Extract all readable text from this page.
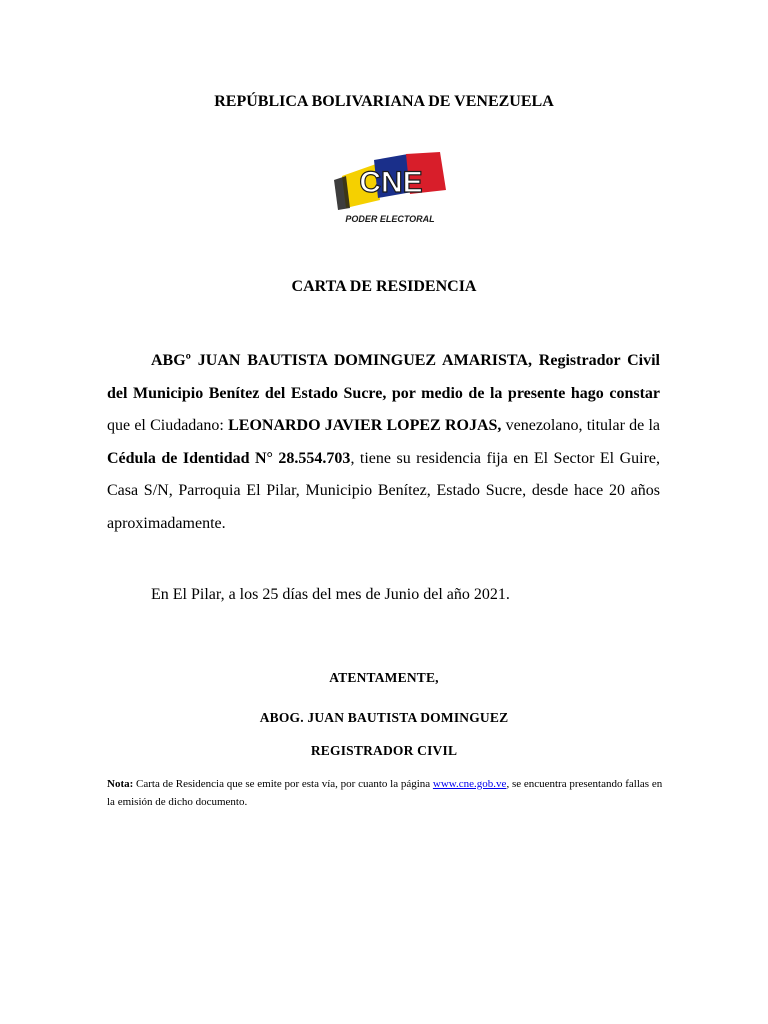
REPÚBLICA BOLIVARIANA DE VENEZUELA
CNE
PODER ELECTORAL
CARTA DE RESIDENCIA

ABGº JUAN BAUTISTA DOMINGUEZ AMARISTA, Registrador Civil del Municipio Benítez del Estado Sucre, por medio de la presente hago constar que el Ciudadano: LEONARDO JAVIER LOPEZ ROJAS, venezolano, titular de la Cédula de Identidad N° 28.554.703, tiene su residencia fija en El Sector El Guire, Casa S/N, Parroquia El Pilar, Municipio Benítez, Estado Sucre, desde hace 20 años aproximadamente.

En El Pilar, a los 25 días del mes de Junio del año 2021.
ATENTAMENTE,
ABOG. JUAN BAUTISTA DOMINGUEZ
REGISTRADOR CIVIL

Nota: Carta de Residencia que se emite por esta vía, por cuanto la página www.cne.gob.ve, se encuentra presentando fallas en la emisión de dicho documento.
